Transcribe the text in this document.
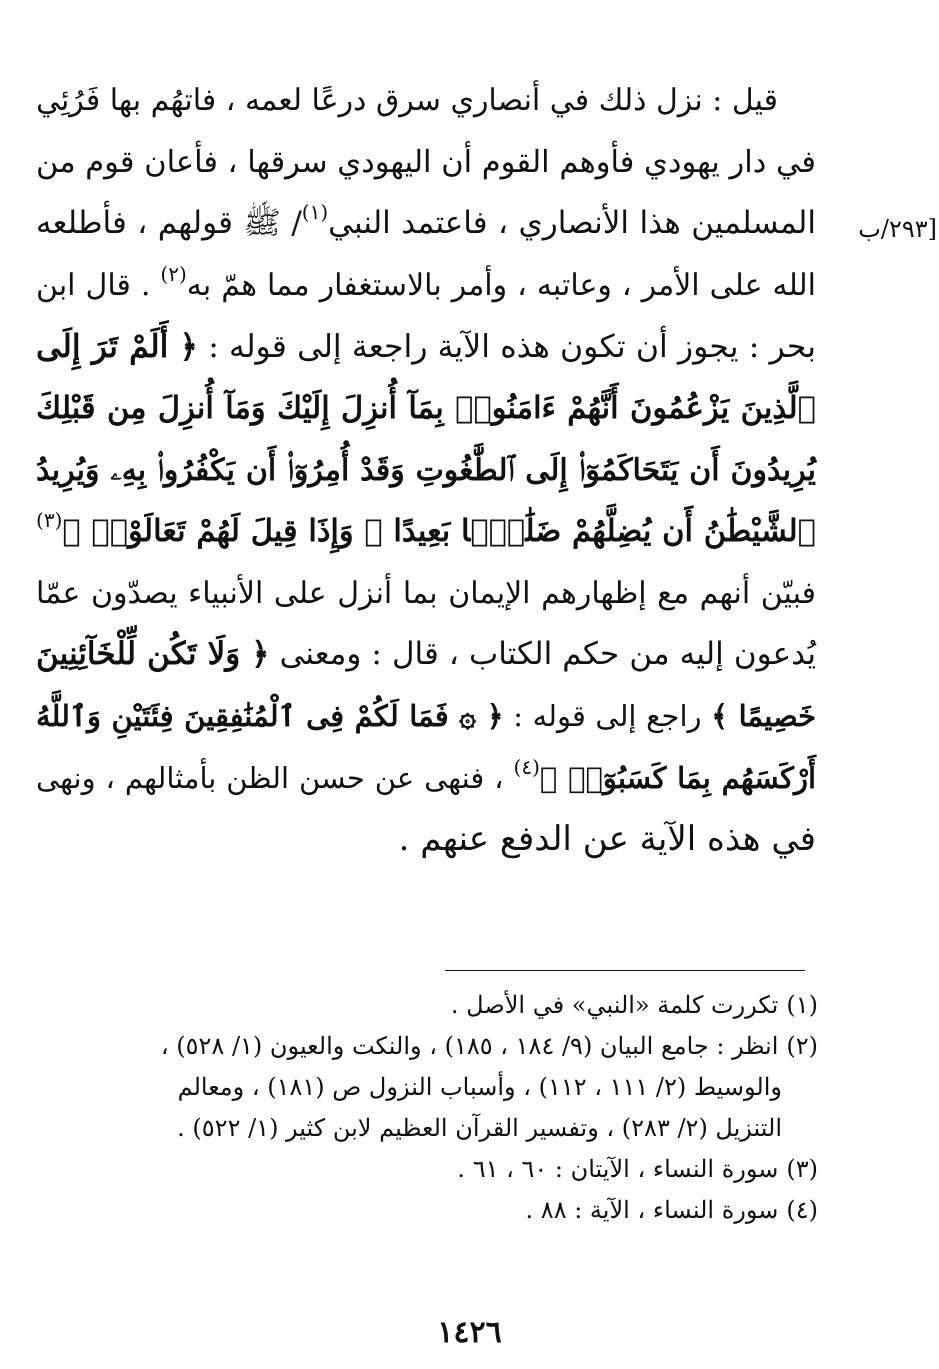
[٢٩٣/ب
قيل : نزل ذلك في أنصاري سرق درعًا لعمه ، فاتهُم بها فَرُئِي
في دار يهودي فأوهم القوم أن اليهودي سرقها ، فأعان قوم من
المسلمين هذا الأنصاري ، فاعتمد النبي$^{(١)}$/ ﷺ قولهم ، فأطلعه
الله على الأمر ، وعاتبه ، وأمر بالاستغفار مما همّ به$^{(٢)}$ . قال ابن
بحر : يجوز أن تكون هذه الآية راجعة إلى قوله : ﴿ أَلَمْ تَرَ إِلَى
ٱلَّذِينَ يَزْعُمُونَ أَنَّهُمْ ءَامَنُوا۟ بِمَآ أُنزِلَ إِلَيْكَ وَمَآ أُنزِلَ مِن قَبْلِكَ
يُرِيدُونَ أَن يَتَحَاكَمُوٓا۟ إِلَى ٱلطَّٰغُوتِ وَقَدْ أُمِرُوٓا۟ أَن يَكْفُرُوا۟ بِهِۦ وَيُرِيدُ
ٱلشَّيْطَٰنُ أَن يُضِلَّهُمْ ضَلَٰلًۢا بَعِيدًا ۞ وَإِذَا قِيلَ لَهُمْ تَعَالَوْا۟ ﴾$^{(٣)}$
فبيّن أنهم مع إظهارهم الإيمان بما أنزل على الأنبياء يصدّون عمّا
يُدعون إليه من حكم الكتاب ، قال : ومعنى ﴿ وَلَا تَكُن لِّلْخَآئِنِينَ
خَصِيمًا ﴾ راجع إلى قوله : ﴿ ۞ فَمَا لَكُمْ فِى ٱلْمُنَٰفِقِينَ فِئَتَيْنِ وَٱللَّهُ
أَرْكَسَهُم بِمَا كَسَبُوٓا۟ ﴾$^{(٤)}$ ، فنهى عن حسن الظن بأمثالهم ، ونهى
في هذه الآية عن الدفع عنهم .
(١)تكررت كلمة «النبي» في الأصل .
(٢)انظر : جامع البيان (٩/ ١٨٤ ، ١٨٥) ، والنكت والعيون (١/ ٥٢٨) ،
والوسيط (٢/ ١١١ ، ١١٢) ، وأسباب النزول ص (١٨١) ، ومعالم
التنزيل (٢/ ٢٨٣) ، وتفسير القرآن العظيم لابن كثير (١/ ٥٢٢) .
(٣)سورة النساء ، الآيتان : ٦٠ ، ٦١ .
(٤)سورة النساء ، الآية : ٨٨ .
١٤٢٦
